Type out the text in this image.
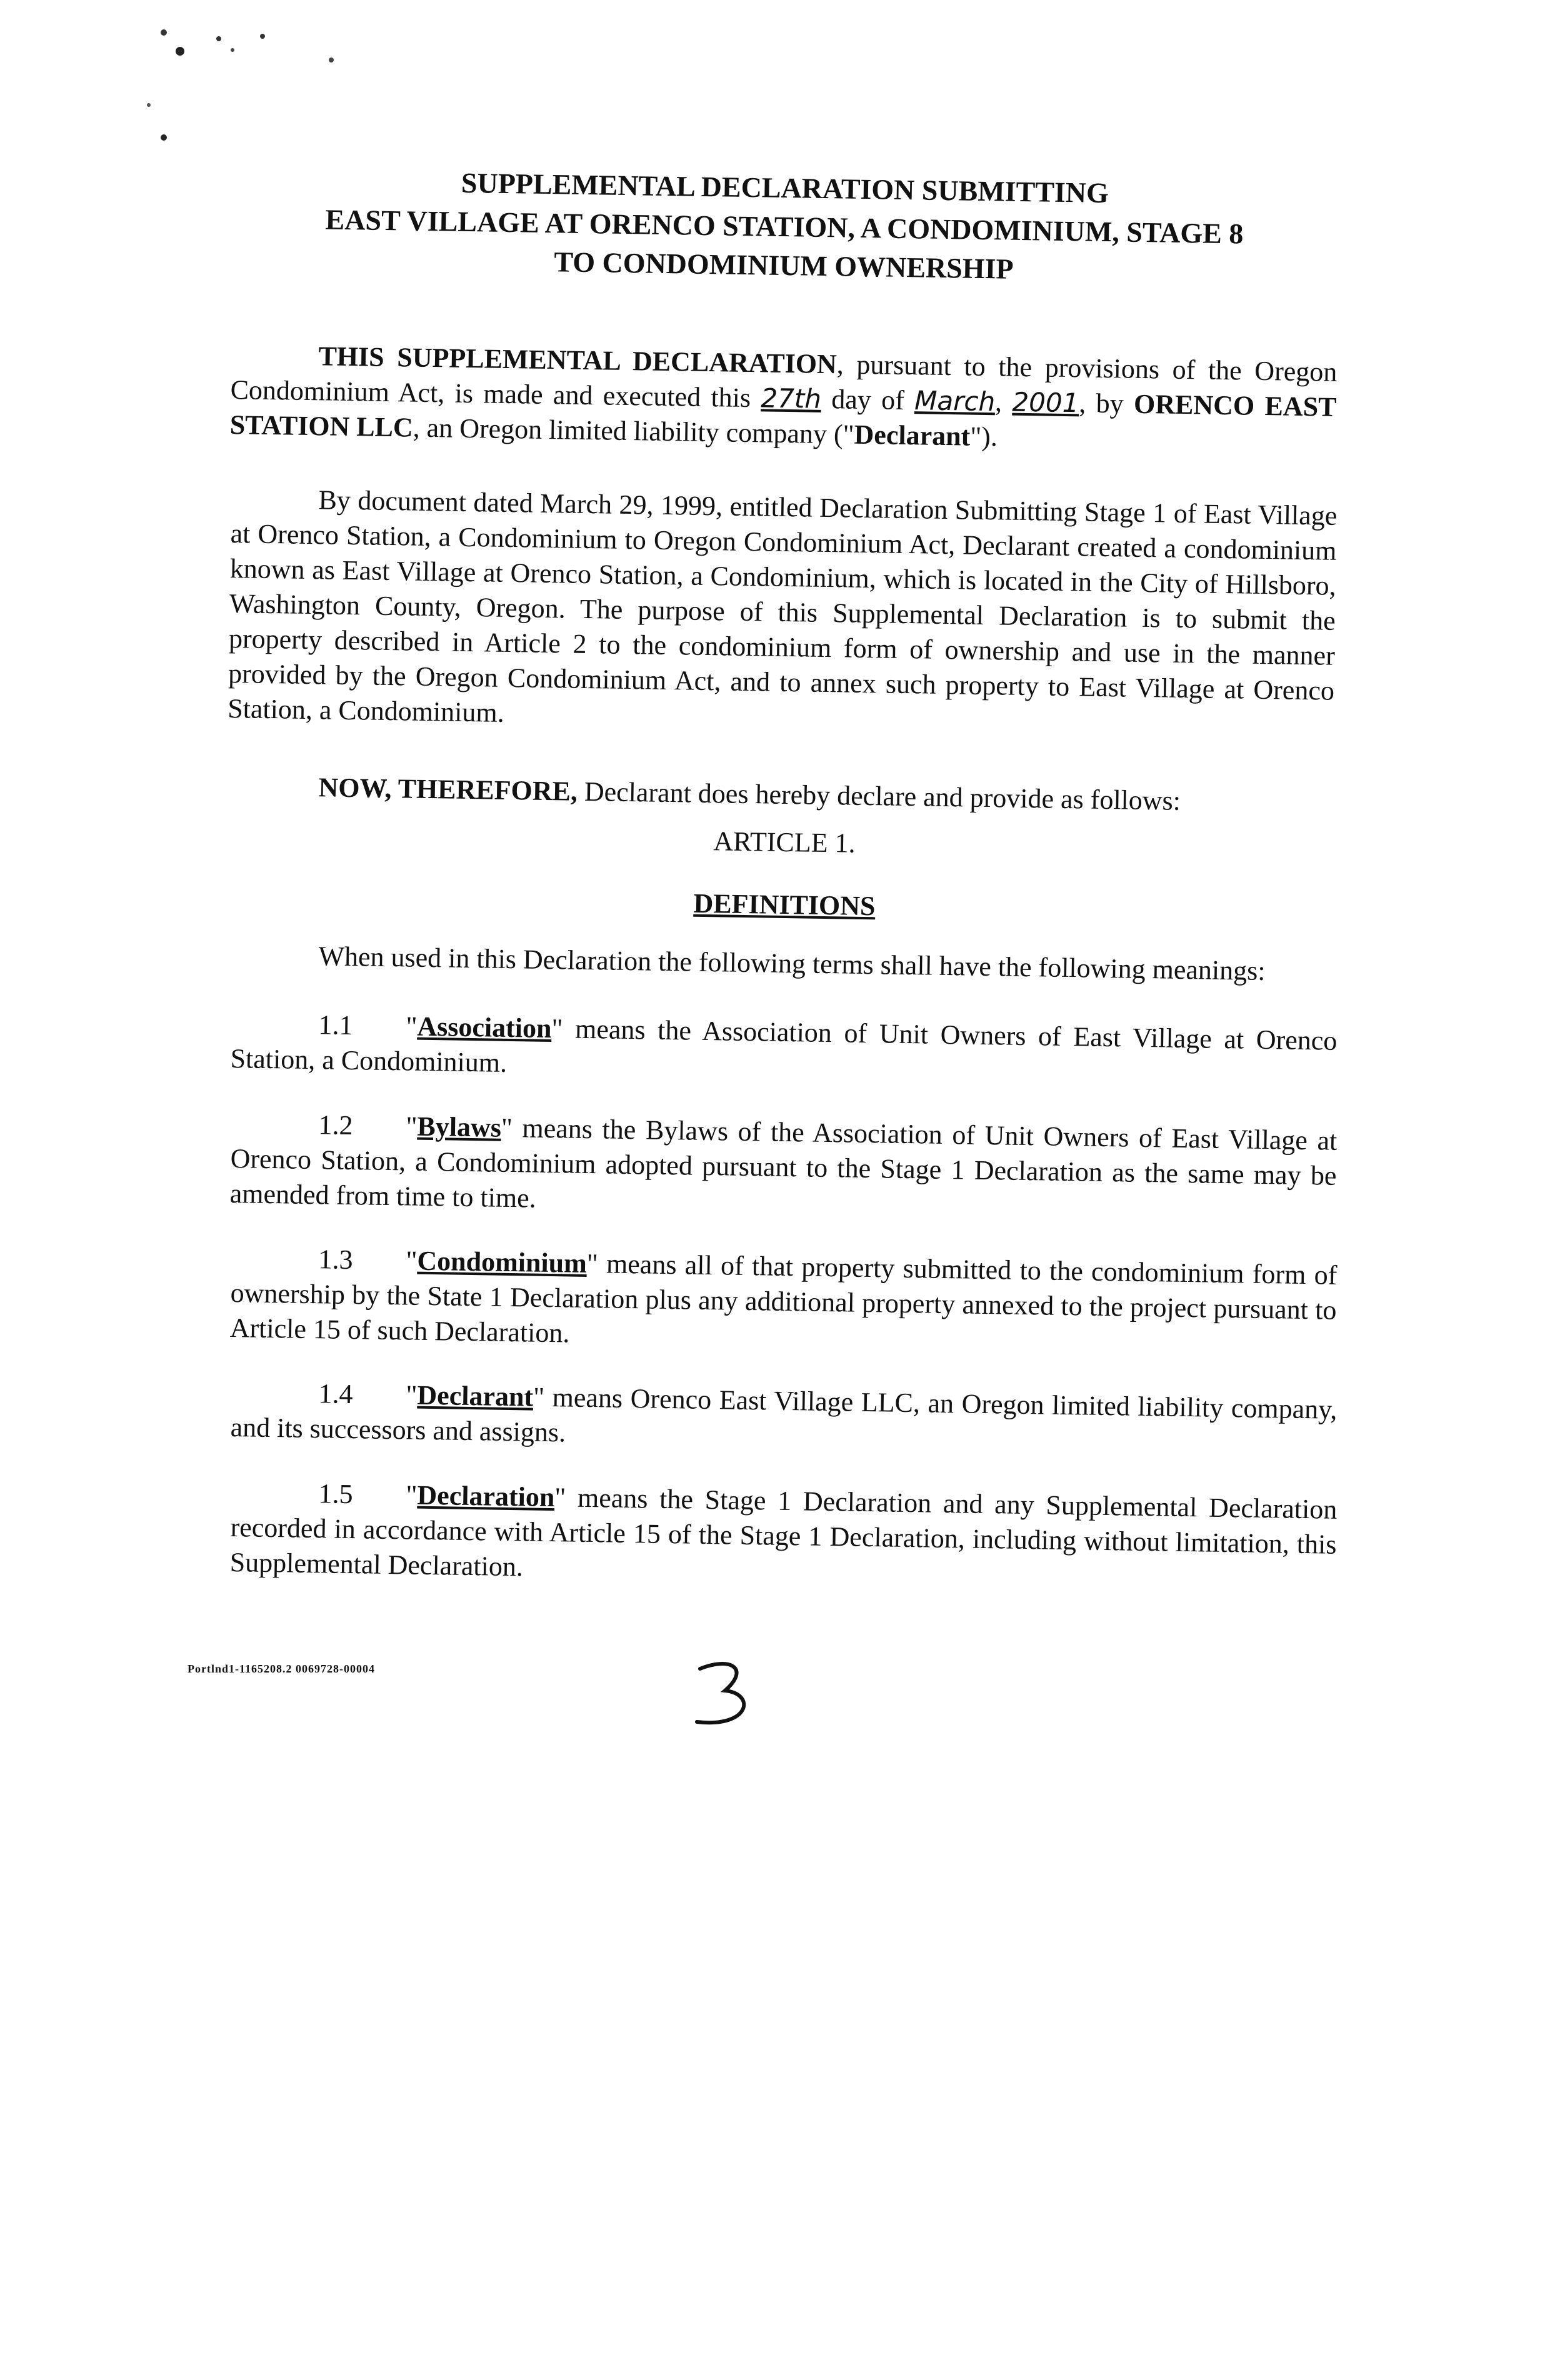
SUPPLEMENTAL DECLARATION SUBMITTING
EAST VILLAGE AT ORENCO STATION, A CONDOMINIUM, STAGE 8
TO CONDOMINIUM OWNERSHIP

THIS SUPPLEMENTAL DECLARATION, pursuant to the provisions of the Oregon Condominium Act, is made and executed this 27th day of March, 2001, by ORENCO EAST STATION LLC, an Oregon limited liability company ("Declarant").

By document dated March 29, 1999, entitled Declaration Submitting Stage 1 of East Village at Orenco Station, a Condominium to Oregon Condominium Act, Declarant created a condominium known as East Village at Orenco Station, a Condominium, which is located in the City of Hillsboro, Washington County, Oregon. The purpose of this Supplemental Declaration is to submit the property described in Article 2 to the condominium form of ownership and use in the manner provided by the Oregon Condominium Act, and to annex such property to East Village at Orenco Station, a Condominium.

NOW, THEREFORE, Declarant does hereby declare and provide as follows:

ARTICLE 1.
DEFINITIONS

When used in this Declaration the following terms shall have the following meanings:

1.1 "Association" means the Association of Unit Owners of East Village at Orenco Station, a Condominium.

1.2 "Bylaws" means the Bylaws of the Association of Unit Owners of East Village at Orenco Station, a Condominium adopted pursuant to the Stage 1 Declaration as the same may be amended from time to time.

1.3 "Condominium" means all of that property submitted to the condominium form of ownership by the State 1 Declaration plus any additional property annexed to the project pursuant to Article 15 of such Declaration.

1.4 "Declarant" means Orenco East Village LLC, an Oregon limited liability company, and its successors and assigns.

1.5 "Declaration" means the Stage 1 Declaration and any Supplemental Declaration recorded in accordance with Article 15 of the Stage 1 Declaration, including without limitation, this Supplemental Declaration.

Portlnd1-1165208.2 0069728-00004
